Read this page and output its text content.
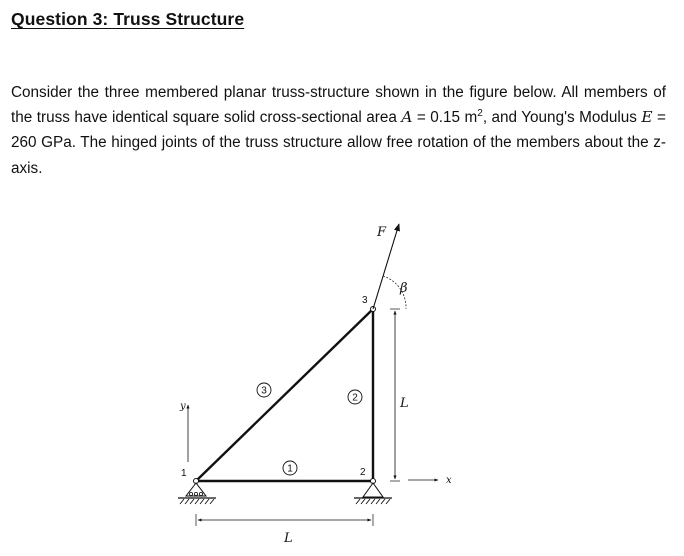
Question 3: Truss Structure
Consider the three membered planar truss-structure shown in the figure below. All members of the truss have identical square solid cross-sectional area A = 0.15 $m^2$, and Young's Modulus E = 260 GPa. The hinged joints of the truss structure allow free rotation of the members about the z-axis.
1	2
3
1
2
3
F
β
L
L
y
x
